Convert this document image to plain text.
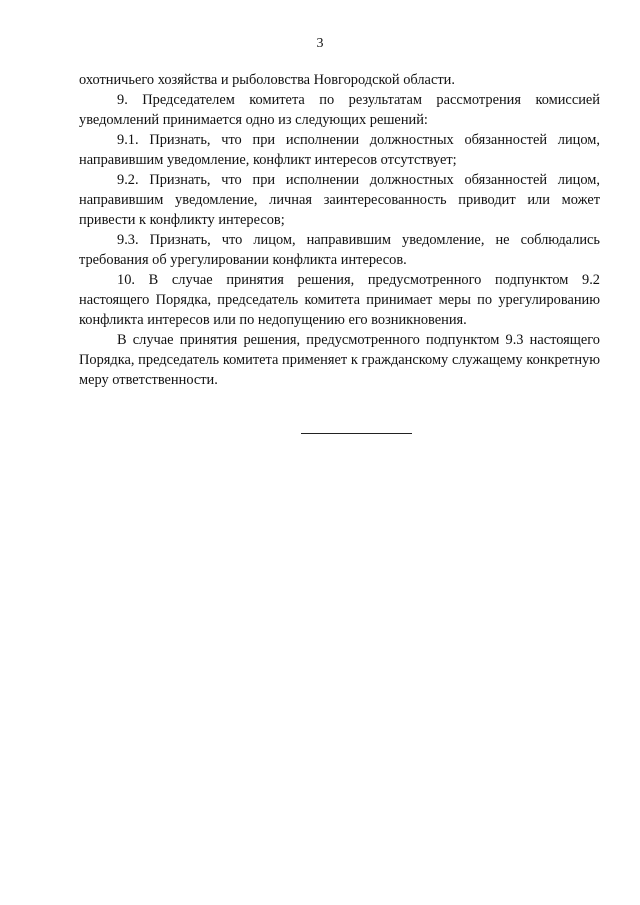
3

охотничьего хозяйства и рыболовства Новгородской области.

9. Председателем комитета по результатам рассмотрения комиссией уведомлений принимается одно из следующих решений:

9.1. Признать, что при исполнении должностных обязанностей лицом, направившим уведомление, конфликт интересов отсутствует;

9.2. Признать, что при исполнении должностных обязанностей лицом, направившим уведомление, личная заинтересованность приводит или может привести к конфликту интересов;

9.3. Признать, что лицом, направившим уведомление, не соблюдались требования об урегулировании конфликта интересов.

10. В случае принятия решения, предусмотренного подпунктом 9.2 настоящего Порядка, председатель комитета принимает меры по урегулированию конфликта интересов или по недопущению его возникновения.

В случае принятия решения, предусмотренного подпунктом 9.3 настоящего Порядка, председатель комитета применяет к гражданскому служащему конкретную меру ответственности.
